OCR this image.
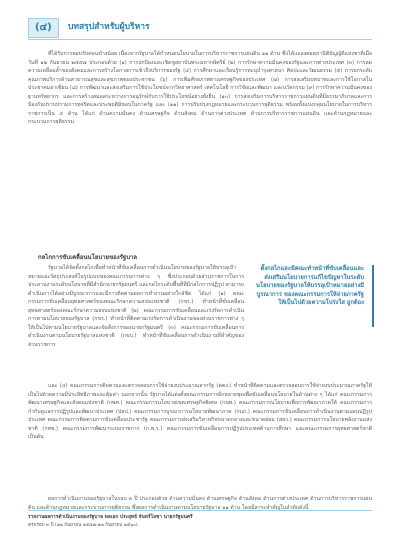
(๔)	บทสรุปสำหรับผู้บริหาร

ที่ได้รับการตอบรับค่อนข้างน้อย เนื่องจากรัฐบาลได้กำหนดนโยบายในการบริหารราชการแผ่นดิน ๑๑ ด้าน ซึ่งได้แถลงต่อสภานิติบัญญัติแห่งชาติเมื่อวันที่ ๑๒ กันยายน ๒๕๕๗ ประกอบด้วย (๑) การปกป้องและเชิดชูสถาบันพระมหากษัตริย์ (๒) การรักษาความมั่นคงของรัฐและการต่างประเทศ (๓) การลดความเหลื่อมล้ำของสังคมและการสร้างโอกาสการเข้าถึงบริการของรัฐ (๔) การศึกษาและเรียนรู้การทะนุบำรุงศาสนา ศิลปะและวัฒนธรรม (๕) การยกระดับคุณภาพบริการด้านสาธารณสุขและสุขภาพของประชาชน (๖) การเพิ่มศักยภาพทางเศรษฐกิจของประเทศ (๗) การส่งเสริมบทบาทและการใช้โอกาสในประชาคมอาเซียน (๘) การพัฒนาและส่งเสริมการใช้ประโยชน์จากวิทยาศาสตร์ เทคโนโลยี การวิจัยและพัฒนา และนวัตกรรม (๙) การรักษาความมั่นคงของฐานทรัพยากร และการสร้างสมดุลระหว่างการอนุรักษ์กับการใช้ประโยชน์อย่างยั่งยืน (๑๐) การส่งเสริมการบริหารราชการแผ่นดินที่มีธรรมาภิบาลและการป้องกันปราบปรามการทุจริตและประพฤติมิชอบในภาครัฐ และ (๑๑) การปรับปรุงกฎหมายและกระบวนการยุติธรรม พร้อมทั้งแบ่งกลุ่มนโยบายในการบริหารราชการเป็น ๔ ด้าน ได้แก่ ด้านความมั่นคง ด้านเศรษฐกิจ ด้านสังคม ด้านการต่างประเทศ ด้านการบริหารราชการแผ่นดิน และด้านกฎหมายและกระบวนการยุติธรรม

กลไกการขับเคลื่อนนโยบายของรัฐบาล

รัฐบาลได้จัดตั้งกลไกเพื่อทำหน้าที่ขับเคลื่อนการดำเนินนโยบายของรัฐบาลให้บรรลุเป้าหมายและวัตถุประสงค์ในรูปแบบของคณะกรรมการต่าง ๆ ซึ่งประกอบด้วยส่วนราชการในการประสานงานระดับนโยบายที่มีสำนักนายกรัฐมนตรี และกลไกระดับพื้นที่ที่มีกลไกการปฏิรูป สามารถดำเนินการได้อย่างมีบูรณาการและมีการติดตามผลการทำงานอย่างใกล้ชิด ได้แก่ (๑) คณะกรรมการขับเคลื่อนยุทธศาสตร์ของคณะรักษาความสงบแห่งชาติ (กขร.) ทำหน้าที่ขับเคลื่อนยุทธศาสตร์ของคณะรักษาความสงบแห่งชาติ (๒) คณะกรรมการขับเคลื่อนและเร่งรัดการดำเนินการตามนโยบายของรัฐบาล (กขร.) ทำหน้าที่ติดตามเร่งรัดการดำเนินงานของส่วนราชการต่าง ๆ ให้เป็นไปตามนโยบายรัฐบาลและข้อสั่งการของนายกรัฐมนตรี (๓) คณะกรรมการขับเคลื่อนการดำเนินงานตามนโยบายรัฐบาลแห่งชาติ (กขบ.) ทำหน้าที่ขับเคลื่อนการดำเนินงานที่สำคัญของส่วนราชการ

ตั้งกลไกและมีคณะทำหน้าที่ขับเคลื่อนและส่งเสริมนโยบายการแก้ไขปัญหาในระดับนโยบายของรัฐบาลให้บรรลุเป้าหมายอย่างมีบูรณาการ ของคณะกรรมการให้จ่ายภาครัฐให้เป็นไปด้วยความโปร่งใส ถูกต้อง

และ (๔) คณะกรรมการติดตามและตรวจสอบการใช้จ่ายงบประมาณจากรัฐ (คตง.) ทำหน้าที่ติดตามและตรวจสอบการใช้จ่ายงบประมาณภาครัฐให้เป็นไปด้วยความมีประสิทธิภาพและคุ้มค่า นอกจากนั้น รัฐบาลได้แต่งตั้งคณะกรรมการอีกหลายชุดเพื่อขับเคลื่อนนโยบายในด้านต่าง ๆ ได้แก่ คณะกรรมการพัฒนาเศรษฐกิจและสังคมแห่งชาติ (กพศ.) คณะกรรมการนโยบายเขตเศรษฐกิจพิเศษ (กนพ.) คณะกรรมการนโยบายเพื่อการพัฒนาภาคใต้ คณะกรรมการกำกับดูแลการปฏิรูปและพัฒนาประเทศ (ปยป.) คณะกรรมการบูรณาการนโยบายพัฒนาภาค (กบภ.) คณะกรรมการขับเคลื่อนการดำเนินงานตามแผนปฏิรูปประเทศ คณะกรรมการติดตามการขับเคลื่อนประชารัฐ คณะกรรมการส่งเสริมวิสาหกิจขนาดกลางและขนาดย่อม (สสว.) คณะกรรมการนโยบายพลังงานแห่งชาติ (กพช.) คณะกรรมการพัฒนาระบบราชการ (ก.พ.ร.) คณะกรรมการขับเคลื่อนการปฏิรูปประเทศด้านการศึกษา และคณะกรรมการยุทธศาสตร์ชาติ เป็นต้น

ผลการดำเนินงานของรัฐบาลในรอบ ๓ ปี ประกอบด้วย ด้านความมั่นคง ด้านเศรษฐกิจ ด้านสังคม ด้านการต่างประเทศ ด้านการบริหารราชการแผ่นดิน และด้านกฎหมายและกระบวนการยุติธรรม ซึ่งผลการดำเนินงานตามนโยบายรัฐบาล ๑๑ ด้าน โดยมีสาระสำคัญในลำดับดังนี้

รายงานผลการดำเนินงานของรัฐบาล พลเอก ประยุทธ์ จันทร์โอชา นายกรัฐมนตรี
ครบรอบ ๓ ปี (๑๒ กันยายน ๒๕๕๗-๑๒ กันยายน ๒๕๖๐)
